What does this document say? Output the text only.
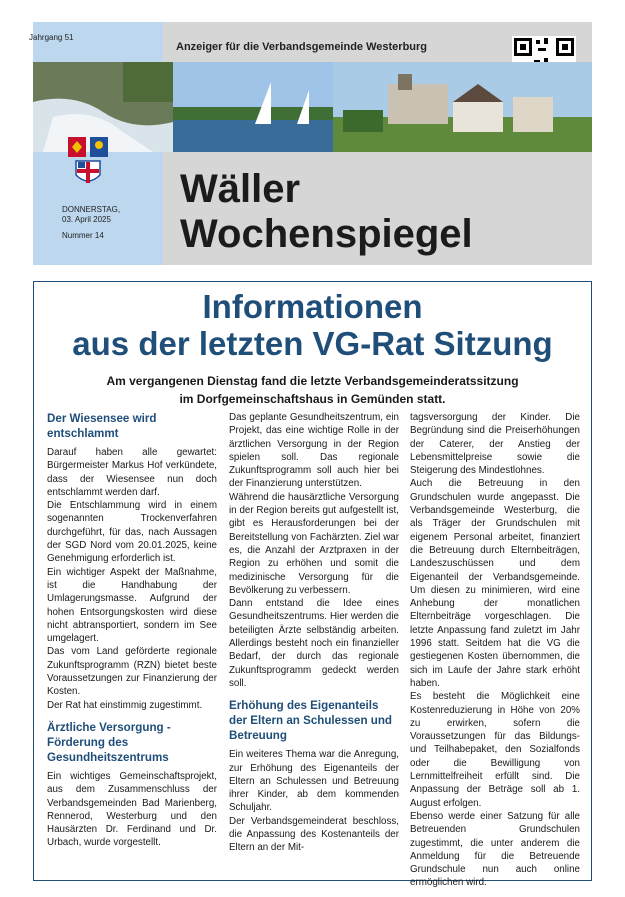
Jahrgang 51
Anzeiger für die Verbandsgemeinde Westerburg
DONNERSTAG,
03. April 2025
Nummer 14
Wäller
Wochenspiegel
Informationen
aus der letzten VG-Rat Sitzung
Am vergangenen Dienstag fand die letzte Verbandsgemeinderatssitzung
im Dorfgemeinschaftshaus in Gemünden statt.
Der Wiesensee wird entschlammt

Darauf haben alle gewartet: Bürgermeister Markus Hof verkündete, dass der Wiesensee nun doch entschlammt werden darf.

Die Entschlammung wird in einem sogenannten Trockenverfahren durchgeführt, für das, nach Aussagen der SGD Nord vom 20.01.2025, keine Genehmigung erforderlich ist.

Ein wichtiger Aspekt der Maßnahme, ist die Handhabung der Umlagerungsmasse. Aufgrund der hohen Entsorgungskosten wird diese nicht abtransportiert, sondern im See umgelagert.

Das vom Land geförderte regionale Zukunftsprogramm (RZN) bietet beste Voraussetzungen zur Finanzierung der Kosten.

Der Rat hat einstimmig zugestimmt.

Ärztliche Versorgung - Förderung des Gesundheitszentrums

Ein wichtiges Gemeinschaftsprojekt, aus dem Zusammenschluss der Verbandsgemeinden Bad Marienberg, Rennerod, Westerburg und den Hausärzten Dr. Ferdinand und Dr. Urbach, wurde vorgestellt.

Das geplante Gesundheitszentrum, ein Projekt, das eine wichtige Rolle in der ärztlichen Versorgung in der Region spielen soll. Das regionale Zukunftsprogramm soll auch hier bei der Finanzierung unterstützen.

Während die hausärztliche Versorgung in der Region bereits gut aufgestellt ist, gibt es Herausforderungen bei der Bereitstellung von Fachärzten. Ziel war es, die Anzahl der Arztpraxen in der Region zu erhöhen und somit die medizinische Versorgung für die Bevölkerung zu verbessern.

Dann entstand die Idee eines Gesundheitszentrums. Hier werden die beteiligten Ärzte selbständig arbeiten. Allerdings besteht noch ein finanzieller Bedarf, der durch das regionale Zukunftsprogramm gedeckt werden soll.

Erhöhung des Eigenanteils der Eltern an Schulessen und Betreuung

Ein weiteres Thema war die Anregung, zur Erhöhung des Eigenanteils der Eltern an Schulessen und Betreuung ihrer Kinder, ab dem kommenden Schuljahr.

Der Verbandsgemeinderat beschloss, die Anpassung des Kostenanteils der Eltern an der Mit-

tagsversorgung der Kinder. Die Begründung sind die Preiserhöhungen der Caterer, der Anstieg der Lebensmittelpreise sowie die Steigerung des Mindestlohnes.

Auch die Betreuung in den Grundschulen wurde angepasst. Die Verbandsgemeinde Westerburg, die als Träger der Grundschulen mit eigenem Personal arbeitet, finanziert die Betreuung durch Elternbeiträgen, Landeszuschüssen und dem Eigenanteil der Verbandsgemeinde. Um diesen zu minimieren, wird eine Anhebung der monatlichen Elternbeiträge vorgeschlagen. Die letzte Anpassung fand zuletzt im Jahr 1996 statt. Seitdem hat die VG die gestiegenen Kosten übernommen, die sich im Laufe der Jahre stark erhöht haben.

Es besteht die Möglichkeit eine Kostenreduzierung in Höhe von 20% zu erwirken, sofern die Voraussetzungen für das Bildungs- und Teilhabepaket, den Sozialfonds oder die Bewilligung von Lernmittelfreiheit erfüllt sind. Die Anpassung der Beträge soll ab 1. August erfolgen.

Ebenso werde einer Satzung für alle Betreuenden Grundschulen zugestimmt, die unter anderem die Anmeldung für die Betreuende Grundschule nun auch online ermöglichen wird.
